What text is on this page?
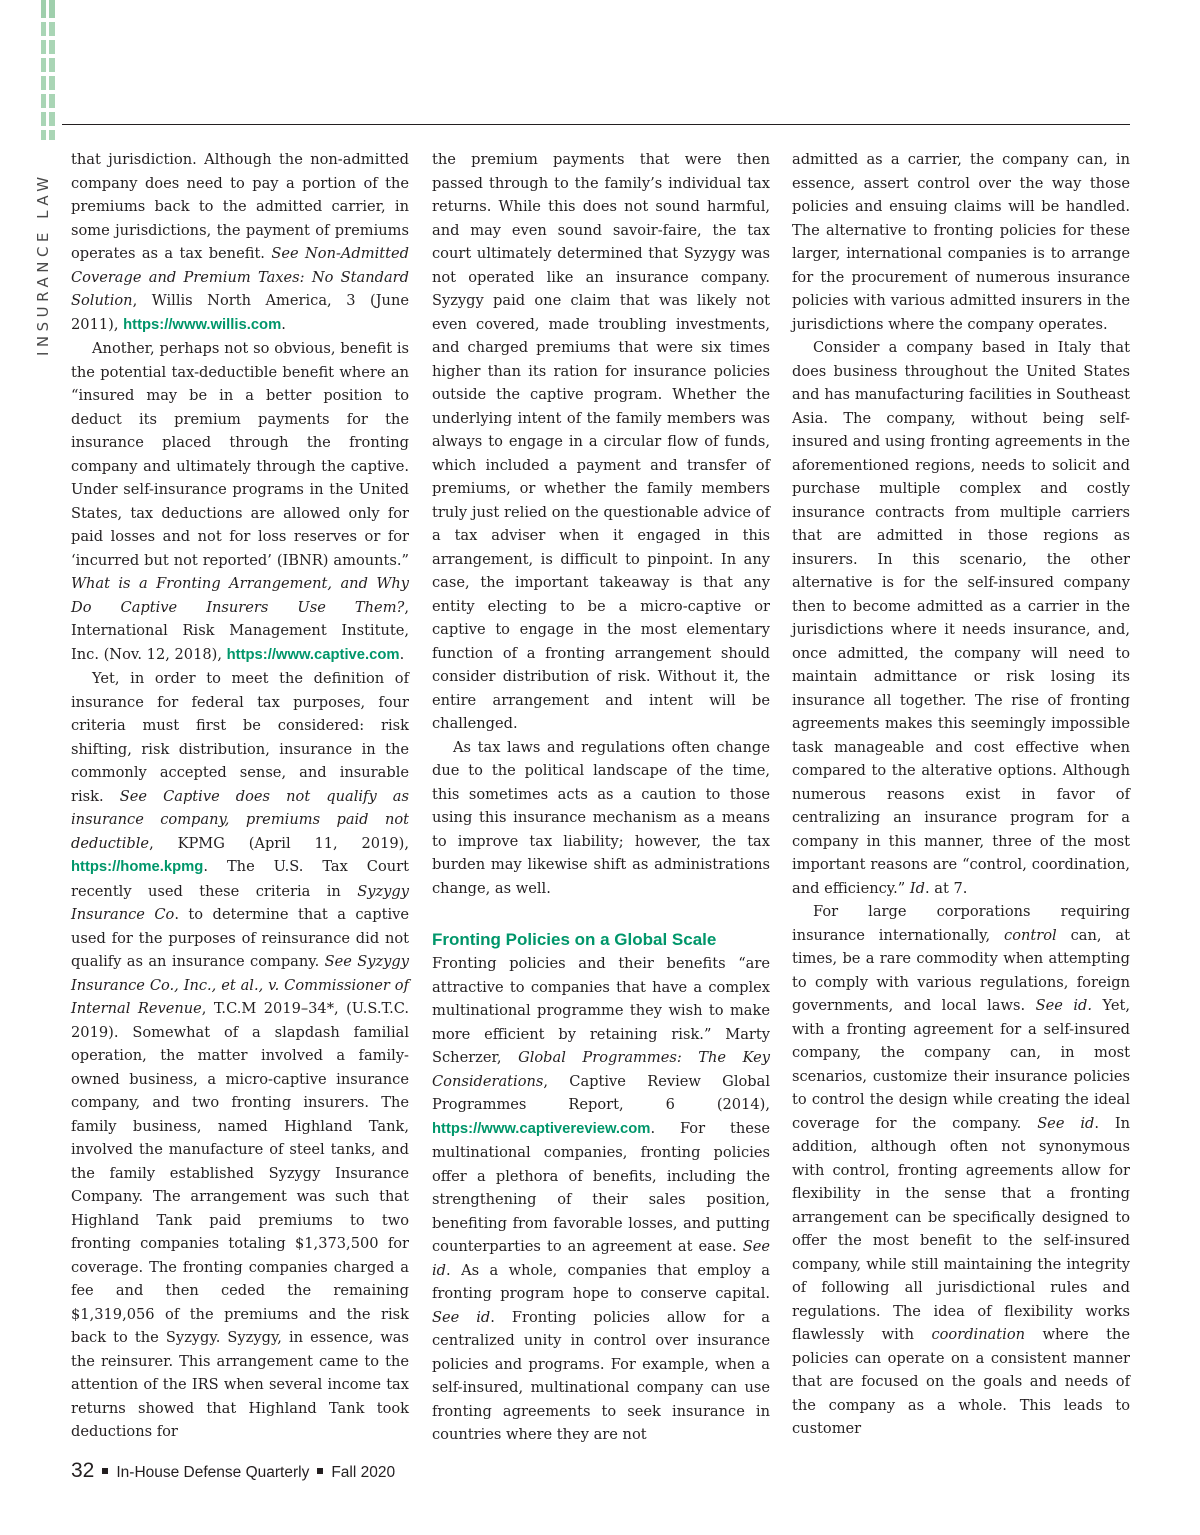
INSURANCE LAW

that jurisdiction. Although the non-admitted company does need to pay a portion of the premiums back to the admitted carrier, in some jurisdictions, the payment of premiums operates as a tax benefit. See Non-Admitted Coverage and Premium Taxes: No Standard Solution, Willis North America, 3 (June 2011), https://www.willis.com.

Another, perhaps not so obvious, benefit is the potential tax-deductible benefit where an “insured may be in a better position to deduct its premium payments for the insurance placed through the fronting company and ultimately through the captive. Under self-insurance programs in the United States, tax deductions are allowed only for paid losses and not for loss reserves or for ‘incurred but not reported’ (IBNR) amounts.” What is a Fronting Arrangement, and Why Do Captive Insurers Use Them?, International Risk Management Institute, Inc. (Nov. 12, 2018), https://www.captive.com.

Yet, in order to meet the definition of insurance for federal tax purposes, four criteria must first be considered: risk shifting, risk distribution, insurance in the commonly accepted sense, and insurable risk. See Captive does not qualify as insurance company, premiums paid not deductible, KPMG (April 11, 2019), https://home.kpmg. The U.S. Tax Court recently used these criteria in Syzygy Insurance Co. to determine that a captive used for the purposes of reinsurance did not qualify as an insurance company. See Syzygy Insurance Co., Inc., et al., v. Commissioner of Internal Revenue, T.C.M 2019–34*, (U.S.T.C. 2019). Somewhat of a slapdash familial operation, the matter involved a family-owned business, a micro-captive insurance company, and two fronting insurers. The family business, named Highland Tank, involved the manufacture of steel tanks, and the family established Syzygy Insurance Company. The arrangement was such that Highland Tank paid premiums to two fronting companies totaling $1,373,500 for coverage. The fronting companies charged a fee and then ceded the remaining $1,319,056 of the premiums and the risk back to the Syzygy. Syzygy, in essence, was the reinsurer. This arrangement came to the attention of the IRS when several income tax returns showed that Highland Tank took deductions for

the premium payments that were then passed through to the family’s individual tax returns. While this does not sound harmful, and may even sound savoir-faire, the tax court ultimately determined that Syzygy was not operated like an insurance company. Syzygy paid one claim that was likely not even covered, made troubling investments, and charged premiums that were six times higher than its ration for insurance policies outside the captive program. Whether the underlying intent of the family members was always to engage in a circular flow of funds, which included a payment and transfer of premiums, or whether the family members truly just relied on the questionable advice of a tax adviser when it engaged in this arrangement, is difficult to pinpoint. In any case, the important takeaway is that any entity electing to be a micro-captive or captive to engage in the most elementary function of a fronting arrangement should consider distribution of risk. Without it, the entire arrangement and intent will be challenged.

As tax laws and regulations often change due to the political landscape of the time, this sometimes acts as a caution to those using this insurance mechanism as a means to improve tax liability; however, the tax burden may likewise shift as administrations change, as well.

Fronting Policies on a Global Scale

Fronting policies and their benefits “are attractive to companies that have a complex multinational programme they wish to make more efficient by retaining risk.” Marty Scherzer, Global Programmes: The Key Considerations, Captive Review Global Programmes Report, 6 (2014), https://www.captivereview.com. For these multinational companies, fronting policies offer a plethora of benefits, including the strengthening of their sales position, benefiting from favorable losses, and putting counterparties to an agreement at ease. See id. As a whole, companies that employ a fronting program hope to conserve capital. See id. Fronting policies allow for a centralized unity in control over insurance policies and programs. For example, when a self-insured, multinational company can use fronting agreements to seek insurance in countries where they are not

admitted as a carrier, the company can, in essence, assert control over the way those policies and ensuing claims will be handled. The alternative to fronting policies for these larger, international companies is to arrange for the procurement of numerous insurance policies with various admitted insurers in the jurisdictions where the company operates.

Consider a company based in Italy that does business throughout the United States and has manufacturing facilities in Southeast Asia. The company, without being self-insured and using fronting agreements in the aforementioned regions, needs to solicit and purchase multiple complex and costly insurance contracts from multiple carriers that are admitted in those regions as insurers. In this scenario, the other alternative is for the self-insured company then to become admitted as a carrier in the jurisdictions where it needs insurance, and, once admitted, the company will need to maintain admittance or risk losing its insurance all together. The rise of fronting agreements makes this seemingly impossible task manageable and cost effective when compared to the alterative options. Although numerous reasons exist in favor of centralizing an insurance program for a company in this manner, three of the most important reasons are “control, coordination, and efficiency.” Id. at 7.

For large corporations requiring insurance internationally, control can, at times, be a rare commodity when attempting to comply with various regulations, foreign governments, and local laws. See id. Yet, with a fronting agreement for a self-insured company, the company can, in most scenarios, customize their insurance policies to control the design while creating the ideal coverage for the company. See id. In addition, although often not synonymous with control, fronting agreements allow for flexibility in the sense that a fronting arrangement can be specifically designed to offer the most benefit to the self-insured company, while still maintaining the integrity of following all jurisdictional rules and regulations. The idea of flexibility works flawlessly with coordination where the policies can operate on a consistent manner that are focused on the goals and needs of the company as a whole. This leads to customer

32 In-House Defense Quarterly Fall 2020
